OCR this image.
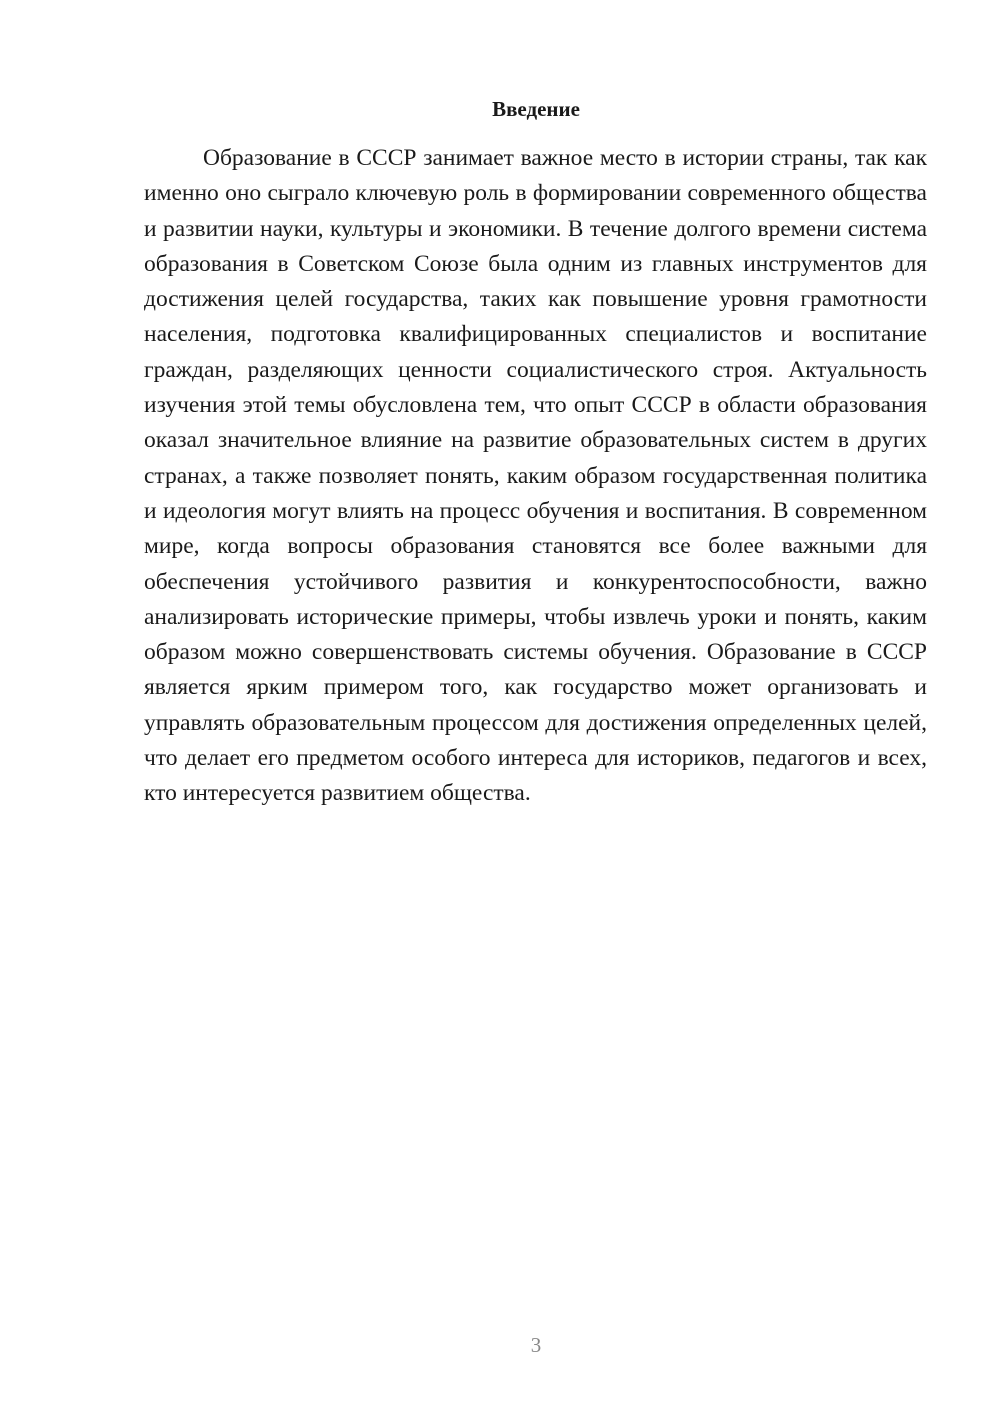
Введение

Образование в СССР занимает важное место в истории страны, так как именно оно сыграло ключевую роль в формировании современного общества и развитии науки, культуры и экономики. В течение долгого времени система образования в Советском Союзе была одним из главных инструментов для достижения целей государства, таких как повышение уровня грамотности населения, подготовка квалифицированных специалистов и воспитание граждан, разделяющих ценности социалистического строя. Актуальность изучения этой темы обусловлена тем, что опыт СССР в области образования оказал значительное влияние на развитие образовательных систем в других странах, а также позволяет понять, каким образом государственная политика и идеология могут влиять на процесс обучения и воспитания. В современном мире, когда вопросы образования становятся все более важными для обеспечения устойчивого развития и конкурентоспособности, важно анализировать исторические примеры, чтобы извлечь уроки и понять, каким образом можно совершенствовать системы обучения. Образование в СССР является ярким примером того, как государство может организовать и управлять образовательным процессом для достижения определенных целей, что делает его предметом особого интереса для историков, педагогов и всех, кто интересуется развитием общества.

3
